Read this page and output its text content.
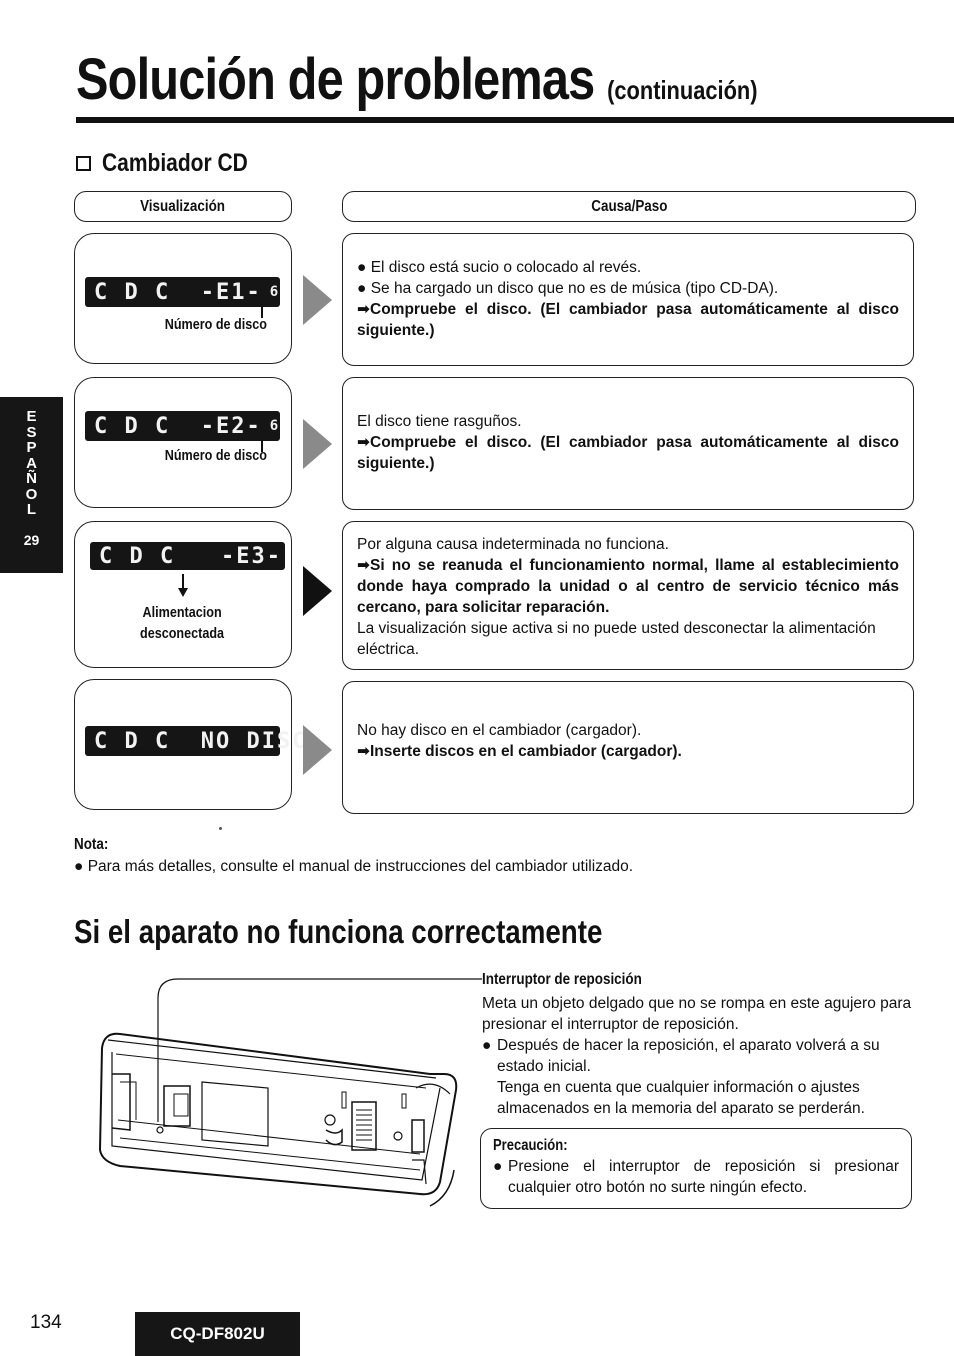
Solución de problemas (continuación)
Cambiador CD
Visualización	Causa/Paso
C D C
-E1- 6
Número de disco

● El disco está sucio o colocado al revés.

● Se ha cargado un disco que no es de música (tipo CD-DA).

➡Compruebe el disco. (El cambiador pasa automáticamente al disco siguiente.)

C D C
-E2- 6
Número de disco

El disco tiene rasguños.

➡Compruebe el disco. (El cambiador pasa automáticamente al disco siguiente.)

C D C
-E3-
Alimentacion
desconectada

Por alguna causa indeterminada no funciona.

➡Si no se reanuda el funcionamiento normal, llame al establecimiento donde haya comprado la unidad o al centro de servicio técnico más cercano, para solicitar reparación.

La visualización sigue activa si no puede usted desconectar la alimentación eléctrica.

C D C
NO DISC	No hay disco en el cambiador (cargador).

➡Inserte discos en el cambiador (cargador).

E
S
P
A
Ñ
O
L
29
Nota:
● Para más detalles, consulte el manual de instrucciones del cambiador utilizado.
Si el aparato no funciona correctamente
Interruptor de reposición

Meta un objeto delgado que no se rompa en este agujero para presionar el interruptor de reposición.

● Después de hacer la reposición, el aparato volverá a su estado inicial.

Tenga en cuenta que cualquier información o ajustes almacenados en la memoria del aparato se perderán.

Precaución:

● Presione el interruptor de reposición si presionar cualquier otro botón no surte ningún efecto.
134
CQ-DF802U
